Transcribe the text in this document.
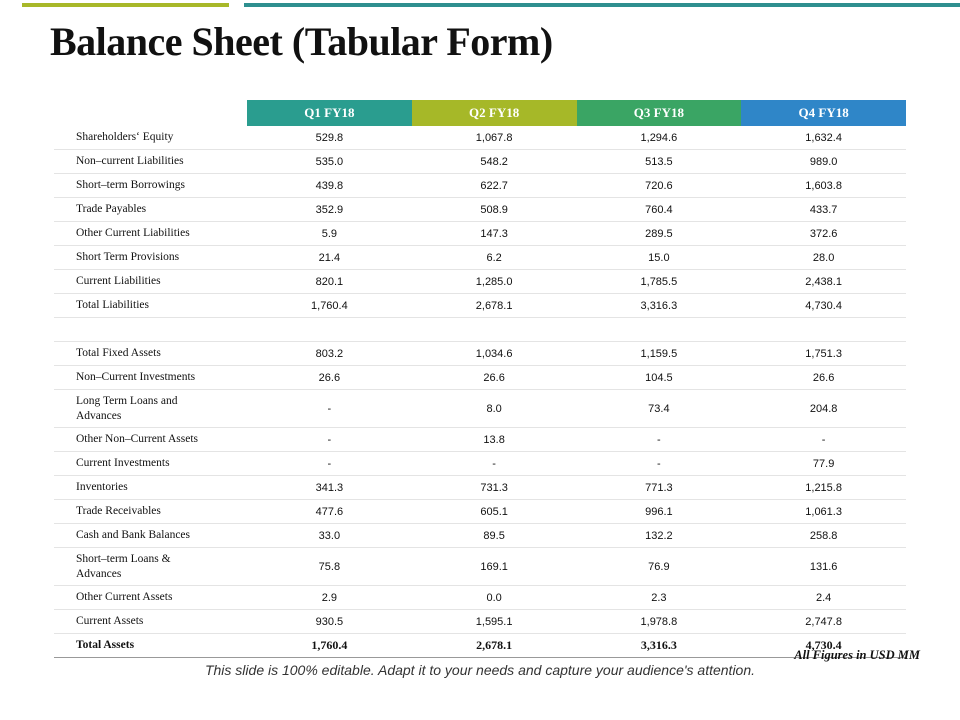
Balance Sheet (Tabular Form)
	Q1 FY18	Q2 FY18	Q3 FY18	Q4 FY18
Shareholders‘ Equity	529.8	1,067.8	1,294.6	1,632.4
Non–current Liabilities	535.0	548.2	513.5	989.0
Short–term Borrowings	439.8	622.7	720.6	1,603.8
Trade Payables	352.9	508.9	760.4	433.7
Other Current Liabilities	5.9	147.3	289.5	372.6
Short Term Provisions	21.4	6.2	15.0	28.0
Current Liabilities	820.1	1,285.0	1,785.5	2,438.1
Total Liabilities	1,760.4	2,678.1	3,316.3	4,730.4

Total Fixed Assets	803.2	1,034.6	1,159.5	1,751.3
Non–Current Investments	26.6	26.6	104.5	26.6
Long Term Loans and Advances	-	8.0	73.4	204.8
Other Non–Current Assets	-	13.8	-	-
Current Investments	-	-	-	77.9
Inventories	341.3	731.3	771.3	1,215.8
Trade Receivables	477.6	605.1	996.1	1,061.3
Cash and Bank Balances	33.0	89.5	132.2	258.8
Short–term Loans & Advances	75.8	169.1	76.9	131.6
Other Current Assets	2.9	0.0	2.3	2.4
Current Assets	930.5	1,595.1	1,978.8	2,747.8
Total Assets	1,760.4	2,678.1	3,316.3	4,730.4
All Figures in USD MM
This slide is 100% editable. Adapt it to your needs and capture your audience's attention.
